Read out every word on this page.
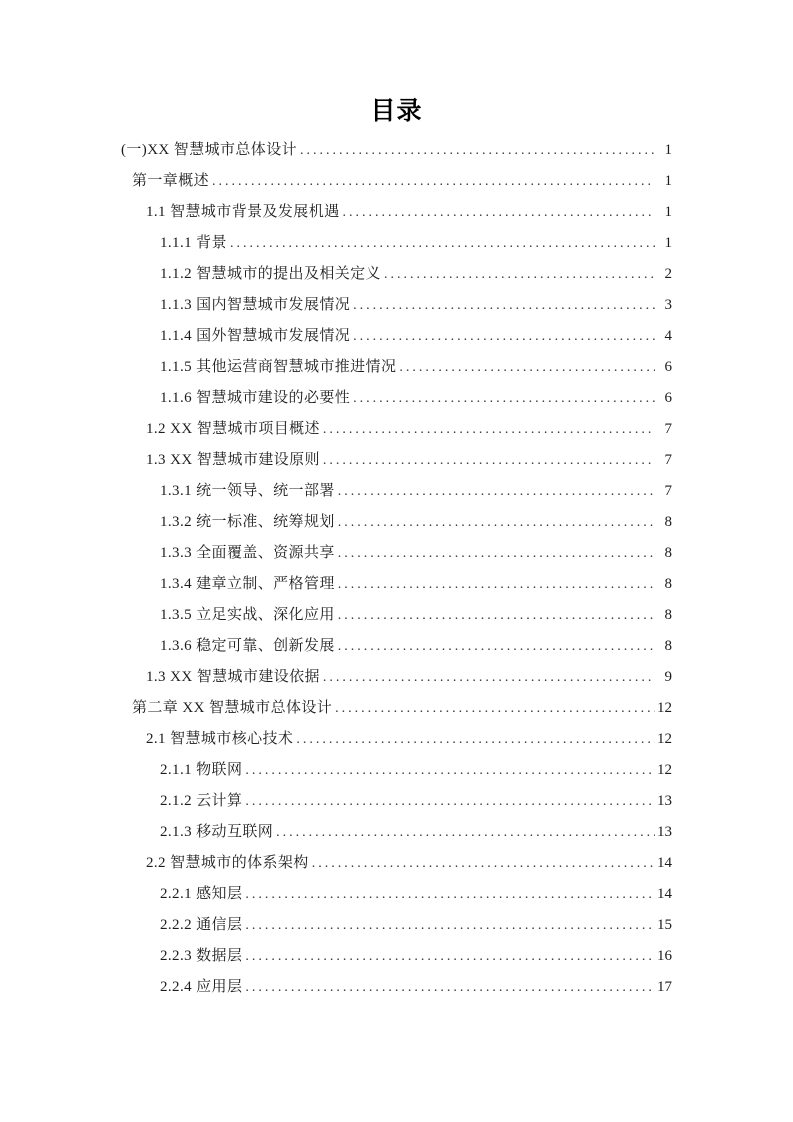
目录
(一)XX 智慧城市总体设计 .....	1
第一章概述 .....	1
1.1 智慧城市背景及发展机遇 .....	1
1.1.1 背景 .....	1
1.1.2 智慧城市的提出及相关定义 .....	2
1.1.3 国内智慧城市发展情况 .....	3
1.1.4 国外智慧城市发展情况 .....	4
1.1.5 其他运营商智慧城市推进情况 .....	6
1.1.6 智慧城市建设的必要性 .....	6
1.2 XX 智慧城市项目概述 .....	7
1.3 XX 智慧城市建设原则 .....	7
1.3.1 统一领导、统一部署 .....	7
1.3.2 统一标准、统筹规划 .....	8
1.3.3 全面覆盖、资源共享 .....	8
1.3.4 建章立制、严格管理 .....	8
1.3.5 立足实战、深化应用 .....	8
1.3.6 稳定可靠、创新发展 .....	8
1.3 XX 智慧城市建设依据 .....	9
第二章 XX 智慧城市总体设计 .....	12
2.1 智慧城市核心技术 .....	12
2.1.1 物联网 .....	12
2.1.2 云计算 .....	13
2.1.3 移动互联网 .....	13
2.2 智慧城市的体系架构 .....	14
2.2.1 感知层 .....	14
2.2.2 通信层 .....	15
2.2.3 数据层 .....	16
2.2.4 应用层 .....	17
